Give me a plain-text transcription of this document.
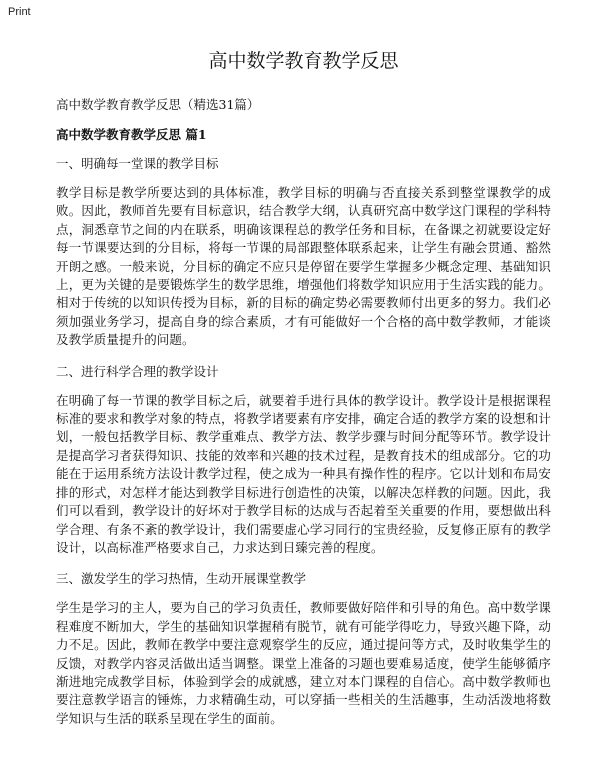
Print
高中数学教育教学反思

高中数学教育教学反思（精选31篇）

高中数学教育教学反思 篇1

一、明确每一堂课的教学目标

教学目标是教学所要达到的具体标准，教学目标的明确与否直接关系到整堂课教学的成败。因此，教师首先要有目标意识，结合教学大纲，认真研究高中数学这门课程的学科特点，洞悉章节之间的内在联系，明确该课程总的教学任务和目标，在备课之初就要设定好每一节课要达到的分目标，将每一节课的局部跟整体联系起来，让学生有融会贯通、豁然开朗之感。一般来说，分目标的确定不应只是停留在要学生掌握多少概念定理、基础知识上，更为关键的是要锻炼学生的数学思维，增强他们将数学知识应用于生活实践的能力。相对于传统的以知识传授为目标，新的目标的确定势必需要教师付出更多的努力。我们必须加强业务学习，提高自身的综合素质，才有可能做好一个合格的高中数学教师，才能谈及教学质量提升的问题。

二、进行科学合理的教学设计

在明确了每一节课的教学目标之后，就要着手进行具体的教学设计。教学设计是根据课程标准的要求和教学对象的特点，将教学诸要素有序安排，确定合适的教学方案的设想和计划，一般包括教学目标、教学重难点、教学方法、教学步骤与时间分配等环节。教学设计是提高学习者获得知识、技能的效率和兴趣的技术过程，是教育技术的组成部分。它的功能在于运用系统方法设计教学过程，使之成为一种具有操作性的程序。它以计划和布局安排的形式，对怎样才能达到教学目标进行创造性的决策，以解决怎样教的问题。因此，我们可以看到，教学设计的好坏对于教学目标的达成与否起着至关重要的作用，要想做出科学合理、有条不紊的教学设计，我们需要虚心学习同行的宝贵经验，反复修正原有的教学设计，以高标准严格要求自己，力求达到日臻完善的程度。

三、激发学生的学习热情，生动开展课堂教学

学生是学习的主人，要为自己的学习负责任，教师要做好陪伴和引导的角色。高中数学课程难度不断加大，学生的基础知识掌握稍有脱节，就有可能学得吃力，导致兴趣下降，动力不足。因此，教师在教学中要注意观察学生的反应，通过提问等方式，及时收集学生的反馈，对教学内容灵活做出适当调整。课堂上准备的习题也要难易适度，使学生能够循序渐进地完成教学目标，体验到学会的成就感，建立对本门课程的自信心。高中数学教师也要注意教学语言的锤炼，力求精确生动，可以穿插一些相关的生活趣事，生动活泼地将数学知识与生活的联系呈现在学生的面前。
